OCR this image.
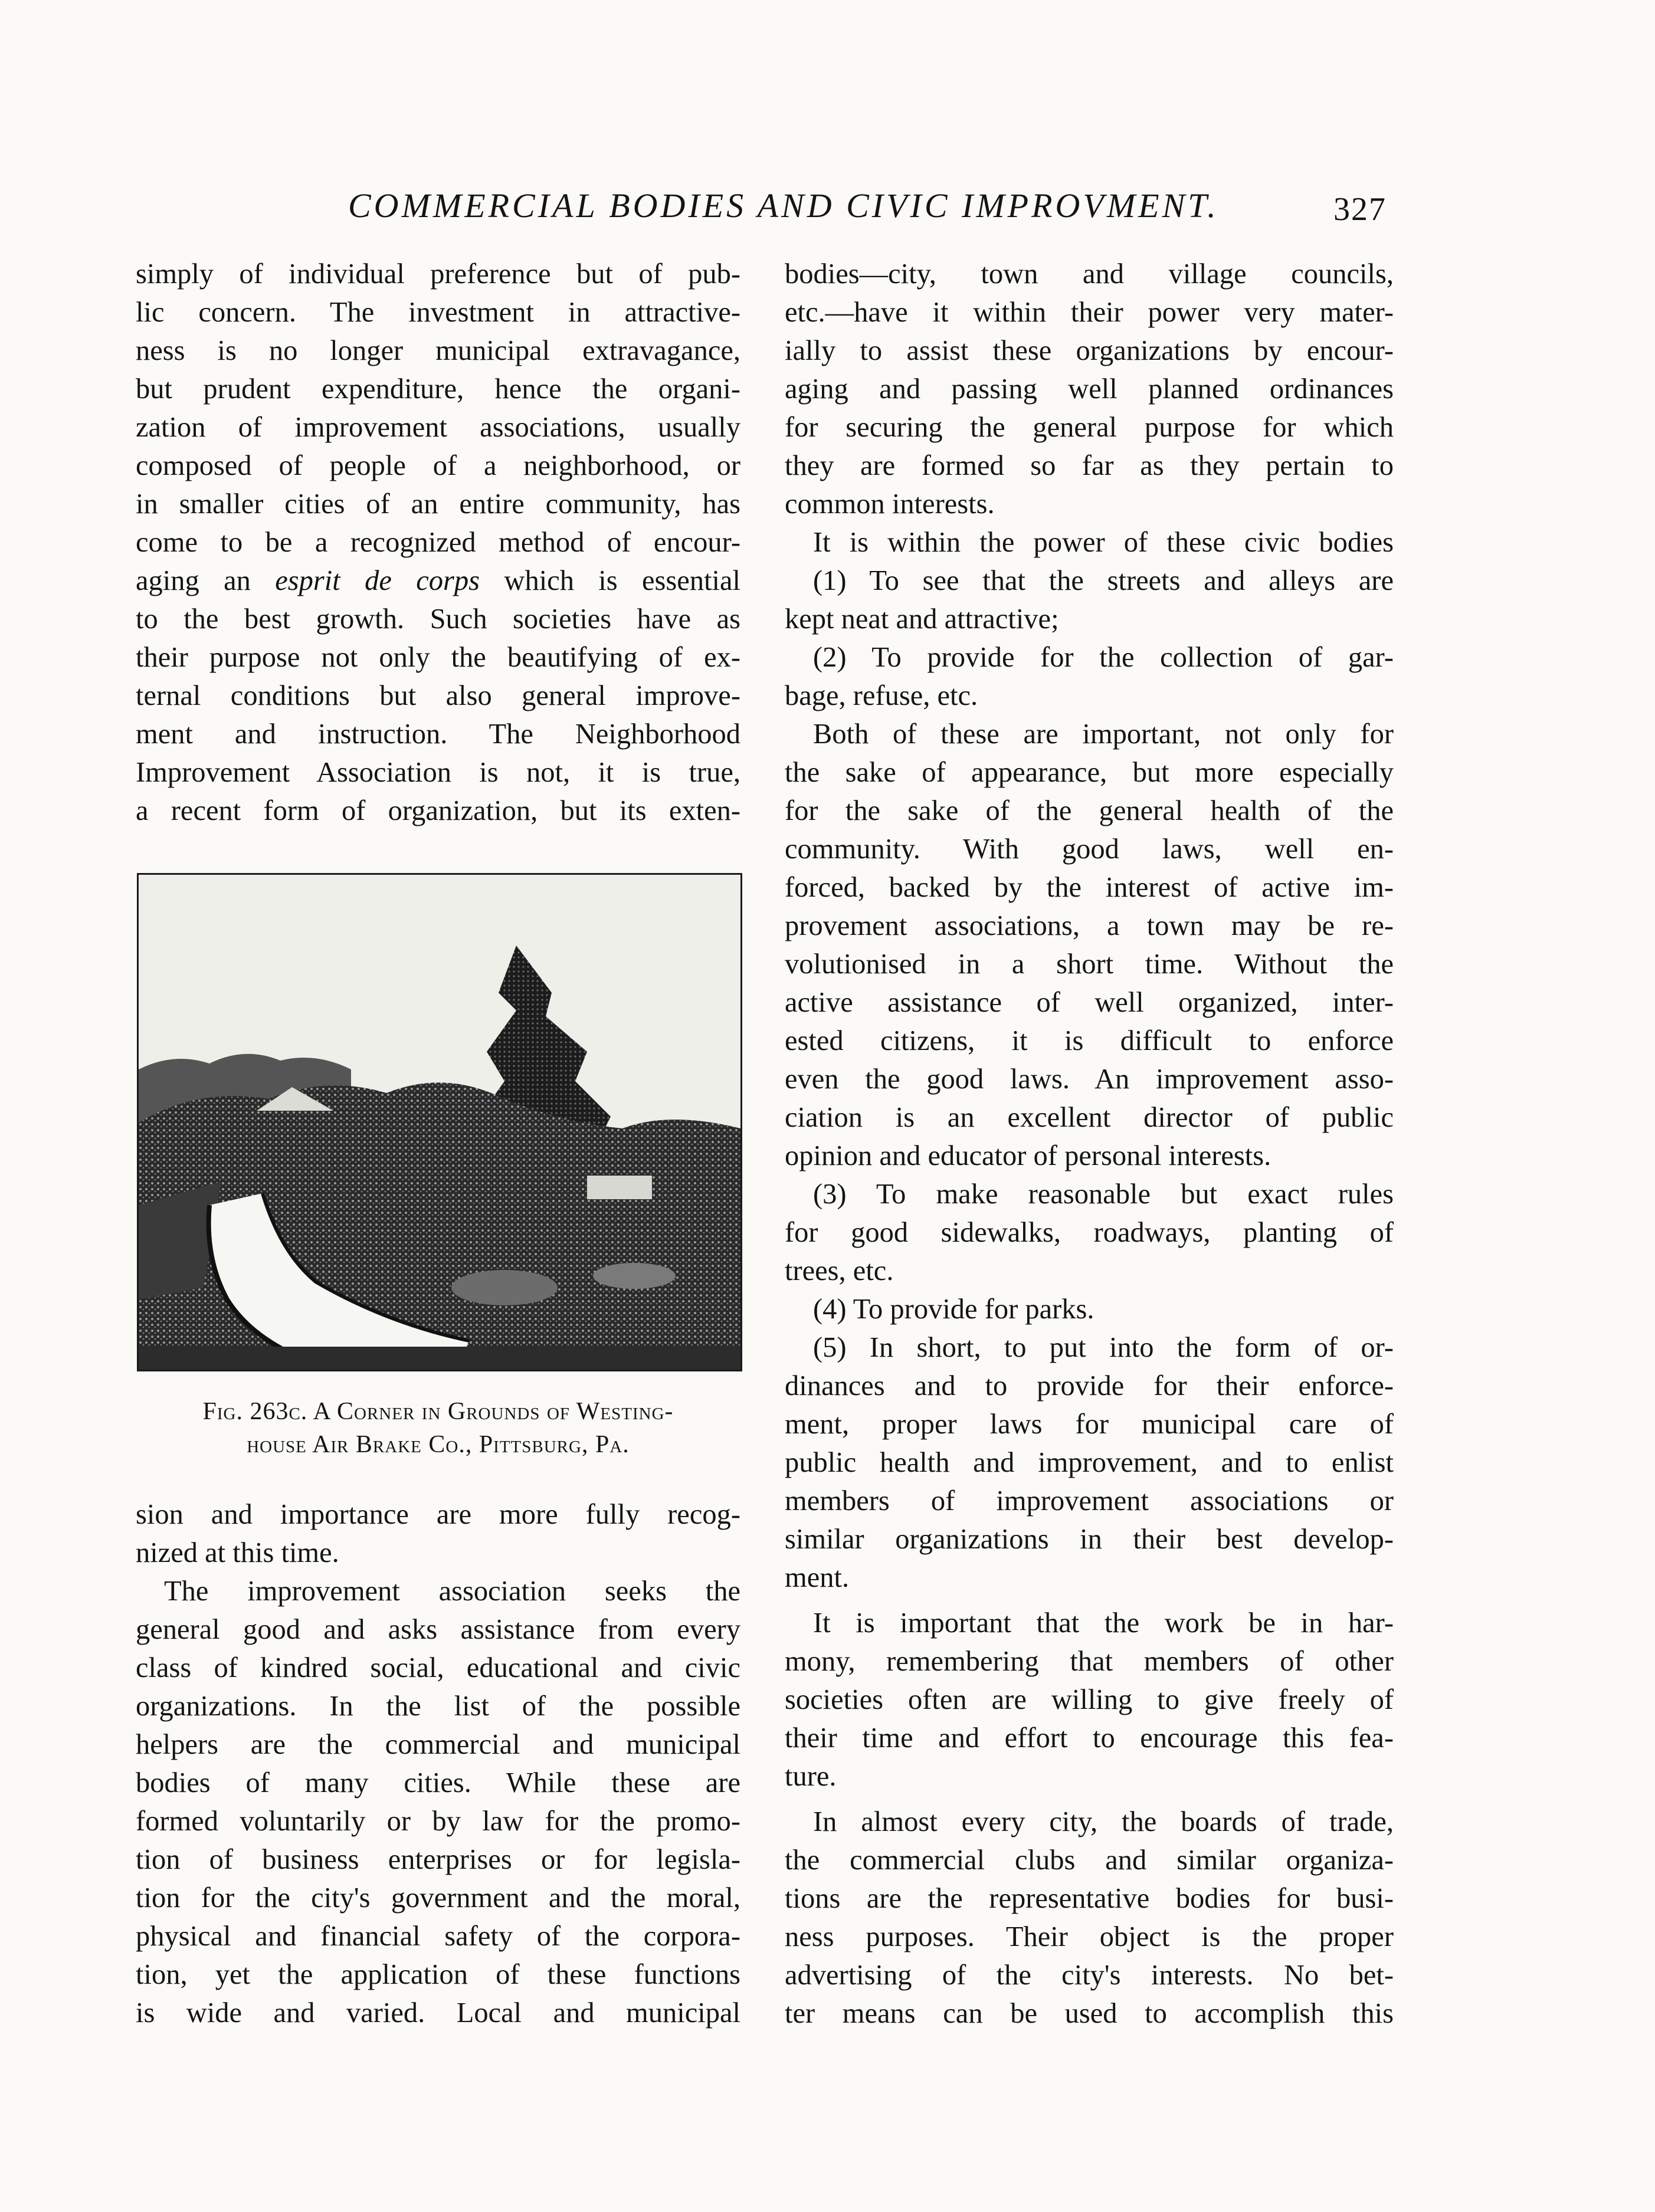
COMMERCIAL BODIES AND CIVIC IMPROVMENT.	327

simply of individual preference but of pub-

lic concern. The investment in attractive-

ness is no longer municipal extravagance,

but prudent expenditure, hence the organi-

zation of improvement associations, usually

composed of people of a neighborhood, or

in smaller cities of an entire community, has

come to be a recognized method of encour-

aging an esprit de corps which is essential

to the best growth. Such societies have as

their purpose not only the beautifying of ex-

ternal conditions but also general improve-

ment and instruction. The Neighborhood

Improvement Association is not, it is true,

a recent form of organization, but its exten-

Fig. 263c. A Corner in Grounds of Westing-
house Air Brake Co., Pittsburg, Pa.

sion and importance are more fully recog-

nized at this time.

The improvement association seeks the

general good and asks assistance from every

class of kindred social, educational and civic

organizations. In the list of the possible

helpers are the commercial and municipal

bodies of many cities. While these are

formed voluntarily or by law for the promo-

tion of business enterprises or for legisla-

tion for the city's government and the moral,

physical and financial safety of the corpora-

tion, yet the application of these functions

is wide and varied. Local and municipal

bodies—city, town and village councils,

etc.—have it within their power very mater-

ially to assist these organizations by encour-

aging and passing well planned ordinances

for securing the general purpose for which

they are formed so far as they pertain to

common interests.

It is within the power of these civic bodies

(1) To see that the streets and alleys are

kept neat and attractive;

(2) To provide for the collection of gar-

bage, refuse, etc.

Both of these are important, not only for

the sake of appearance, but more especially

for the sake of the general health of the

community. With good laws, well en-

forced, backed by the interest of active im-

provement associations, a town may be re-

volutionised in a short time. Without the

active assistance of well organized, inter-

ested citizens, it is difficult to enforce

even the good laws. An improvement asso-

ciation is an excellent director of public

opinion and educator of personal interests.

(3) To make reasonable but exact rules

for good sidewalks, roadways, planting of

trees, etc.

(4) To provide for parks.

(5) In short, to put into the form of or-

dinances and to provide for their enforce-

ment, proper laws for municipal care of

public health and improvement, and to enlist

members of improvement associations or

similar organizations in their best develop-

ment.

It is important that the work be in har-

mony, remembering that members of other

societies often are willing to give freely of

their time and effort to encourage this fea-

ture.

In almost every city, the boards of trade,

the commercial clubs and similar organiza-

tions are the representative bodies for busi-

ness purposes. Their object is the proper

advertising of the city's interests. No bet-

ter means can be used to accomplish this
